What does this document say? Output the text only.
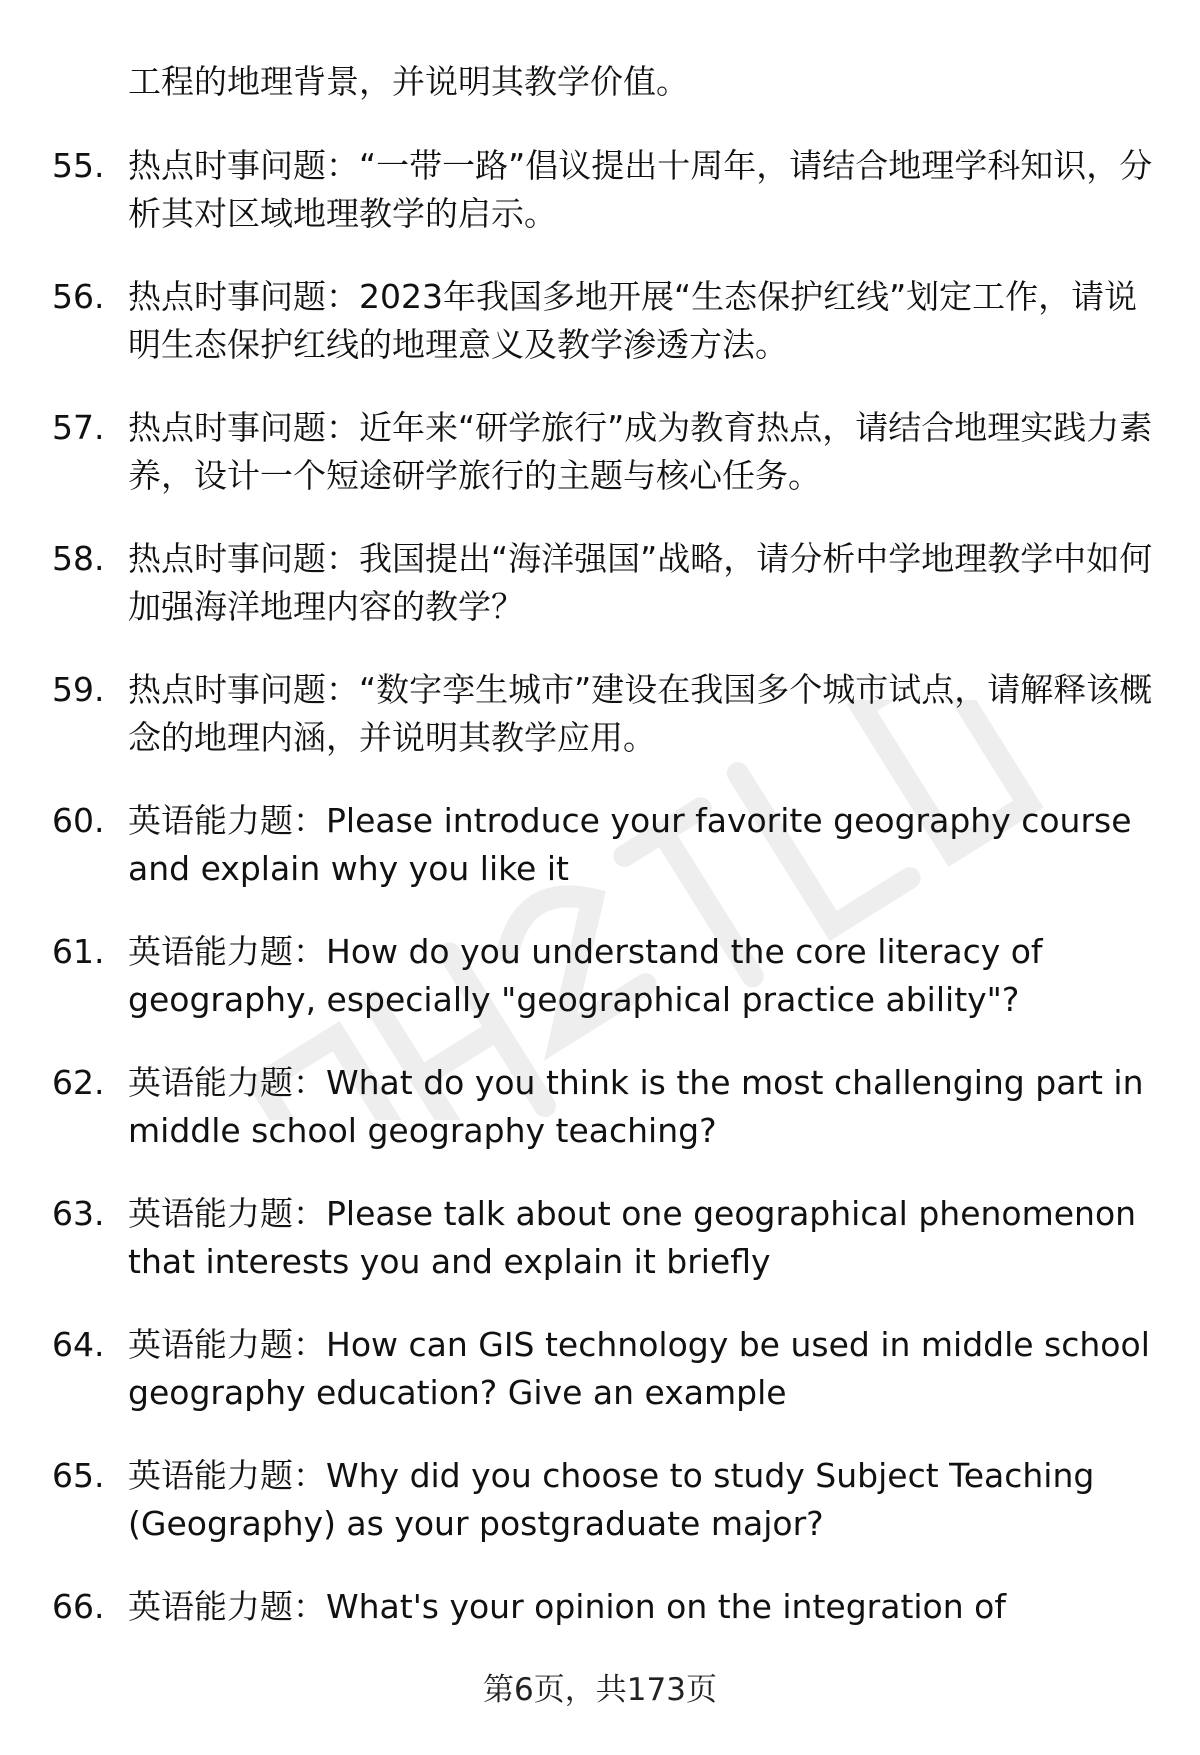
工程的地理背景，并说明其教学价值。
55. 热点时事问题：“一带一路”倡议提出十周年，请结合地理学科知识，分析其对区域地理教学的启示。
56. 热点时事问题：2023年我国多地开展“生态保护红线”划定工作，请说明生态保护红线的地理意义及教学渗透方法。
57. 热点时事问题：近年来“研学旅行”成为教育热点，请结合地理实践力素养，设计一个短途研学旅行的主题与核心任务。
58. 热点时事问题：我国提出“海洋强国”战略，请分析中学地理教学中如何加强海洋地理内容的教学？
59. 热点时事问题：“数字孪生城市”建设在我国多个城市试点，请解释该概念的地理内涵，并说明其教学应用。
60. 英语能力题：Please introduce your favorite geography course and explain why you like it
61. 英语能力题：How do you understand the core literacy of geography, especially "geographical practice ability"?
62. 英语能力题：What do you think is the most challenging part in middle school geography teaching?
63. 英语能力题：Please talk about one geographical phenomenon that interests you and explain it briefly
64. 英语能力题：How can GIS technology be used in middle school geography education? Give an example
65. 英语能力题：Why did you choose to study Subject Teaching (Geography) as your postgraduate major?
66. 英语能力题：What's your opinion on the integration of
第6页，共173页
